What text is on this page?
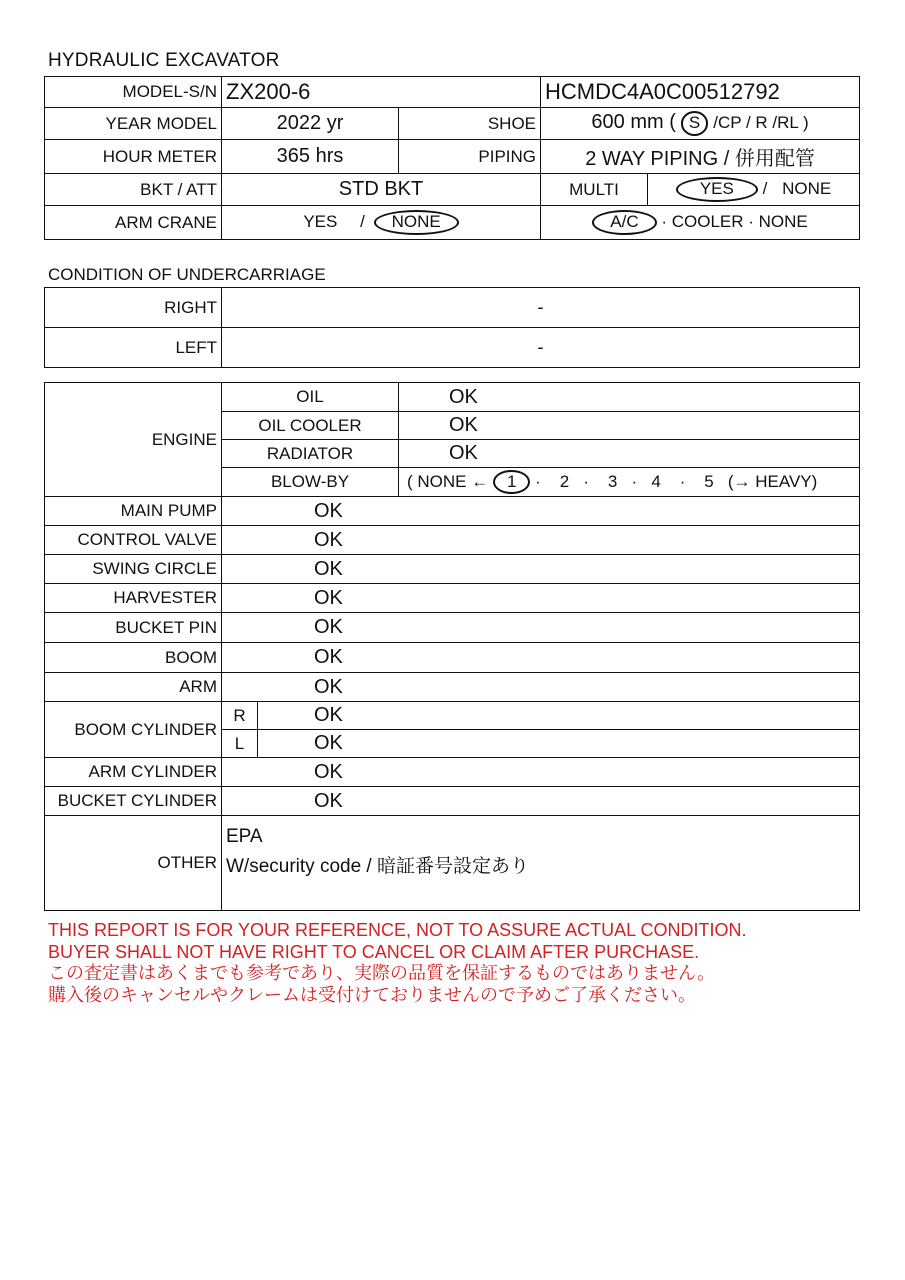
HYDRAULIC EXCAVATOR
MODEL-S/N	ZX200-6		HCMDC4A0C00512792	
YEAR MODEL	2022 yr	SHOE	600 mm ( S /CP / R /RL )	
HOUR METER	365 hrs	PIPING	2 WAY PIPING / 併用配管	
BKT / ATT	STD BKT		MULTI	YES / NONE
ARM CRANE	YES / NONE		A/C · COOLER · NONE	
CONDITION OF UNDERCARRIAGE
RIGHT	-
LEFT	-
ENGINE	OIL		OK
	OIL COOLER		OK
	RADIATOR		OK
	BLOW-BY		( NONE ← 1 ·    2   ·    3   ·   4    ·    5   (→ HEAVY)
MAIN PUMP	OK		
CONTROL VALVE	OK		
SWING CIRCLE	OK		
HARVESTER	OK		
BUCKET PIN	OK		
BOOM	OK		
ARM	OK		
BOOM CYLINDER	R	OK	
	L	OK	
ARM CYLINDER	OK		
BUCKET CYLINDER	OK		
OTHER	EPA
W/security code / 暗証番号設定あり		
THIS REPORT IS FOR YOUR REFERENCE, NOT TO ASSURE ACTUAL CONDITION.
BUYER SHALL NOT HAVE RIGHT TO CANCEL OR CLAIM AFTER PURCHASE.
この査定書はあくまでも参考であり、実際の品質を保証するものではありません。
購入後のキャンセルやクレームは受付けておりませんので予めご了承ください。
